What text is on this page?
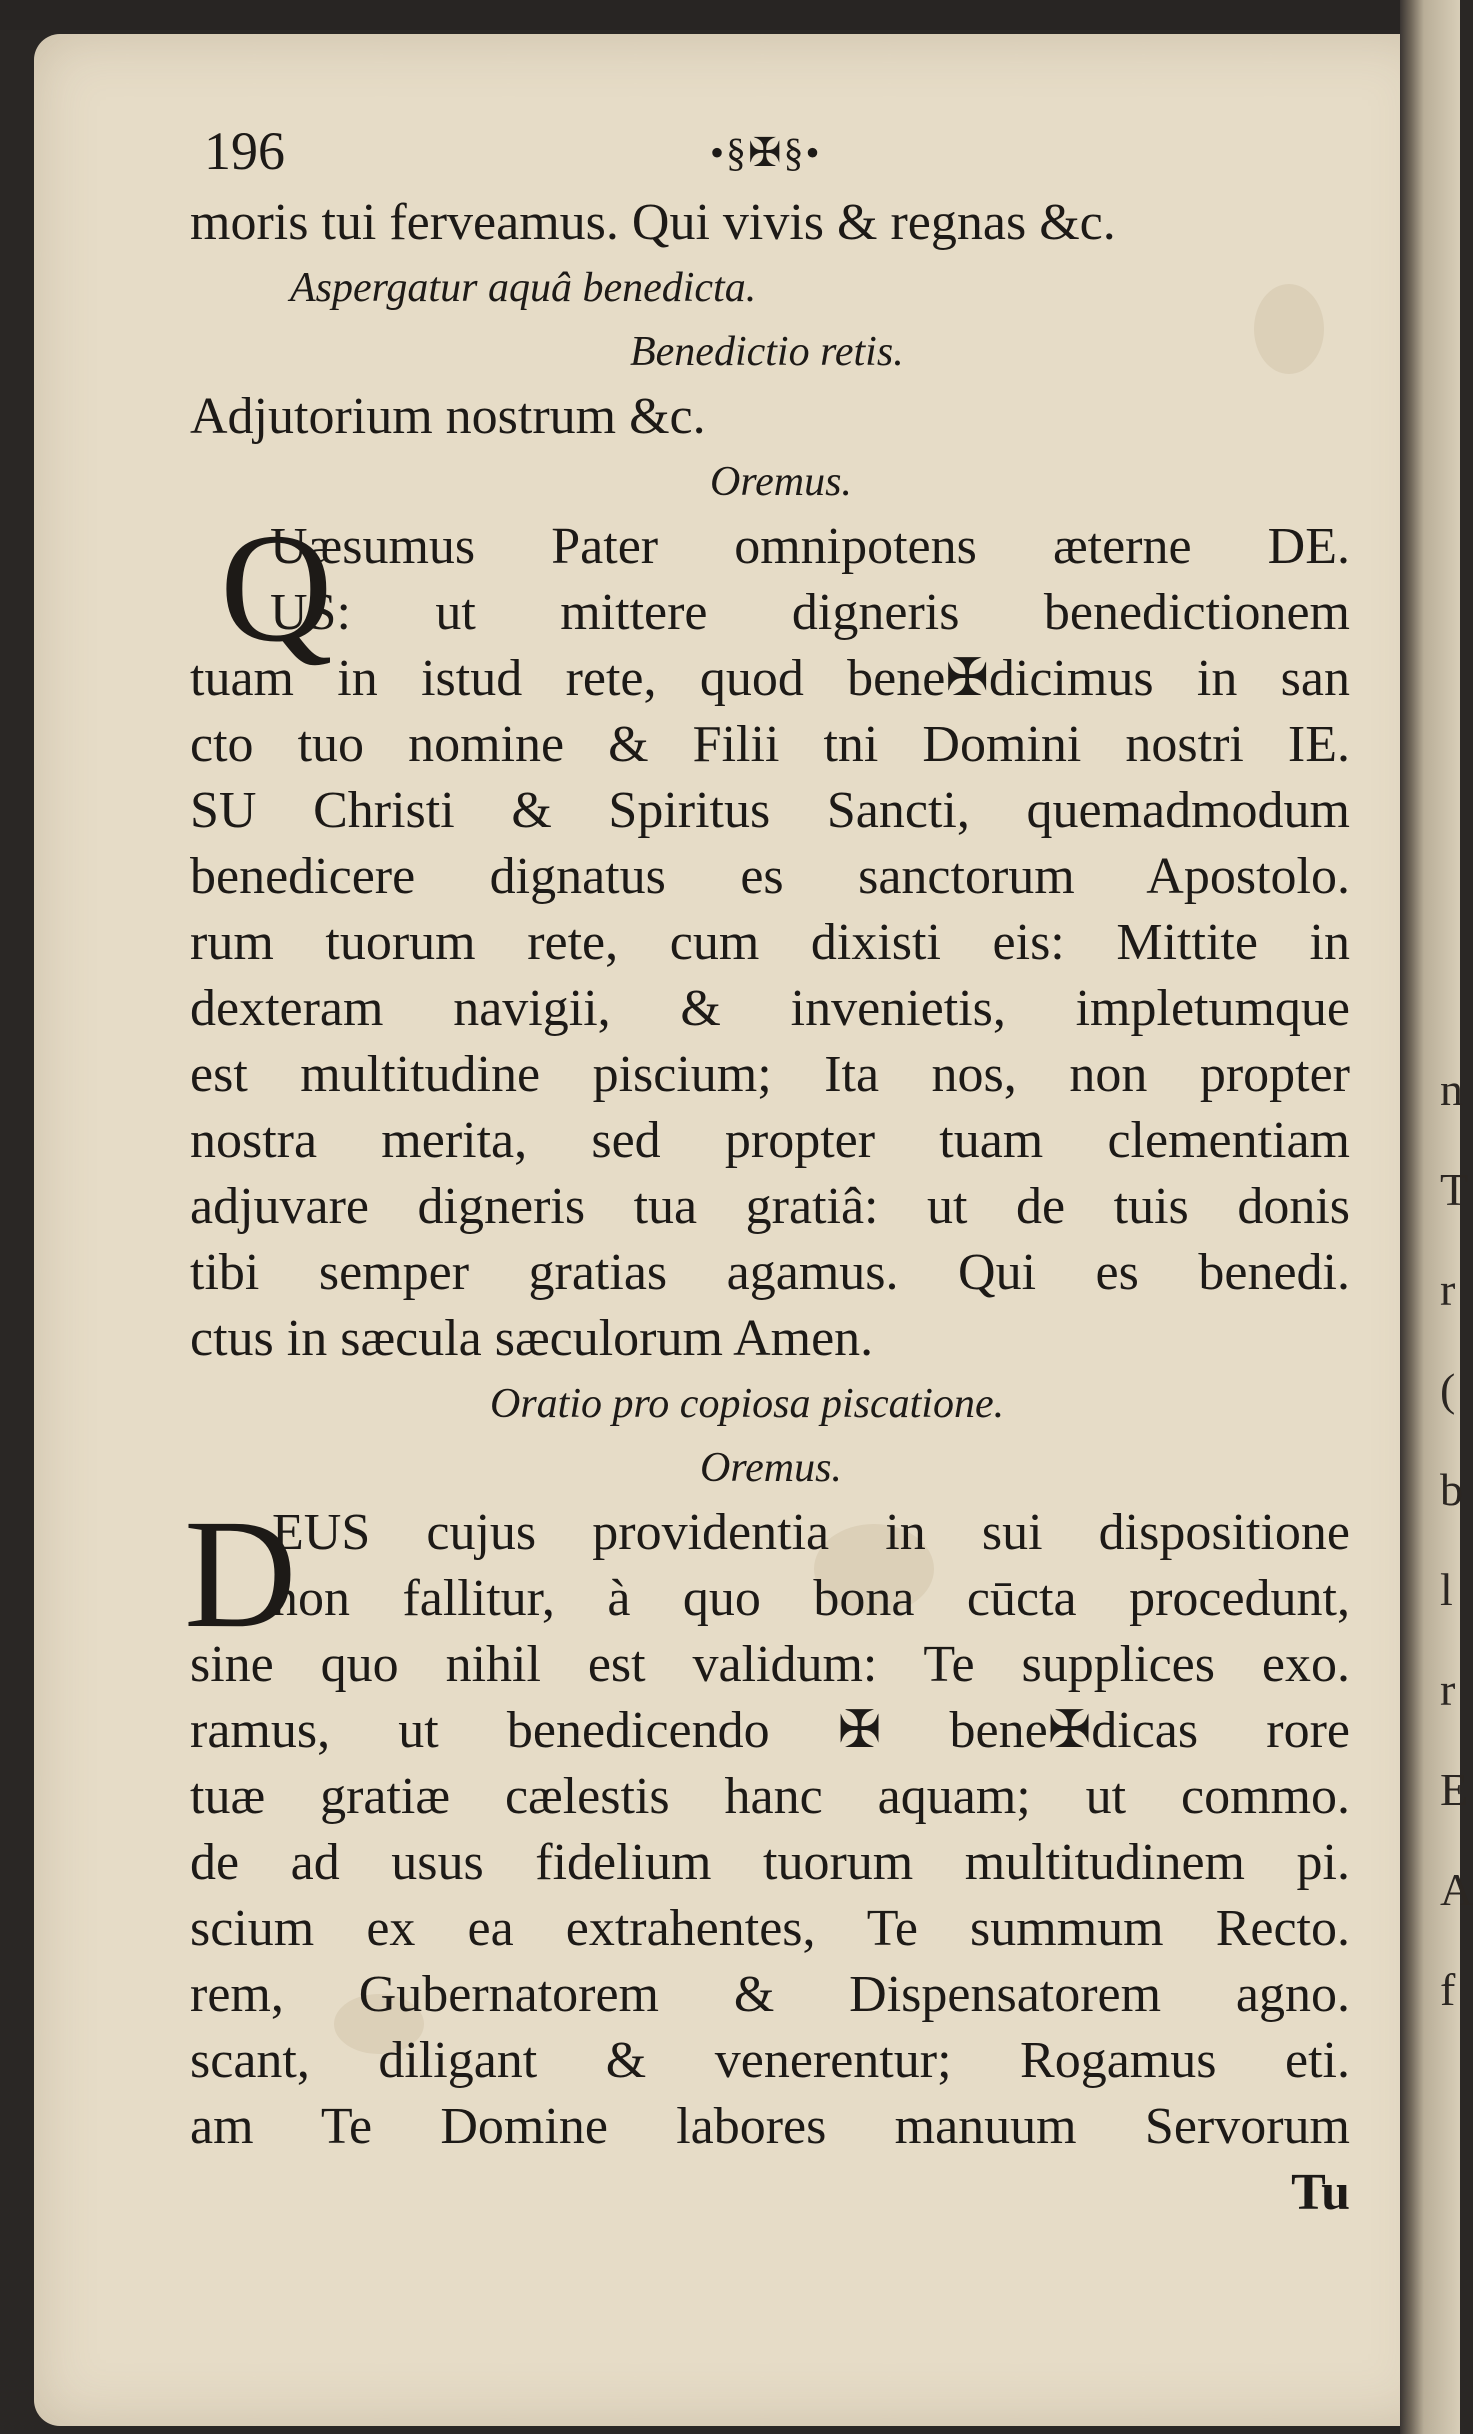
n
T
r
(
b
l
r
E
A
f
196	•§✠§•
moris tui ferveamus. Qui vivis & regnas &c.
Aspergatur aquâ benedicta.
Benedictio retis.
Adjutorium nostrum &c.
Oremus.
Q
Uæsumus Pater omnipotens æterne DE.
US: ut mittere digneris benedictionem
tuam in istud rete, quod bene✠dicimus in san
cto tuo nomine & Filii tni Domini nostri IE.
SU Christi & Spiritus Sancti, quemadmodum
benedicere dignatus es sanctorum Apostolo.
rum tuorum rete, cum dixisti eis: Mittite in
dexteram navigii, & invenietis, impletumque
est multitudine piscium; Ita nos, non propter
nostra merita, sed propter tuam clementiam
adjuvare digneris tua gratiâ: ut de tuis donis
tibi semper gratias agamus. Qui es benedi.
ctus in sæcula sæculorum Amen.
Oratio pro copiosa piscatione.
Oremus.
D
EUS cujus providentia in sui dispositione
non fallitur, à quo bona cūcta procedunt,
sine quo nihil est validum: Te supplices exo.
ramus, ut benedicendo ✠ bene✠dicas rore
tuæ gratiæ cælestis hanc aquam; ut commo.
de ad usus fidelium tuorum multitudinem pi.
scium ex ea extrahentes, Te summum Recto.
rem, Gubernatorem & Dispensatorem agno.
scant, diligant & venerentur; Rogamus eti.
am Te Domine labores manuum Servorum
Tu
